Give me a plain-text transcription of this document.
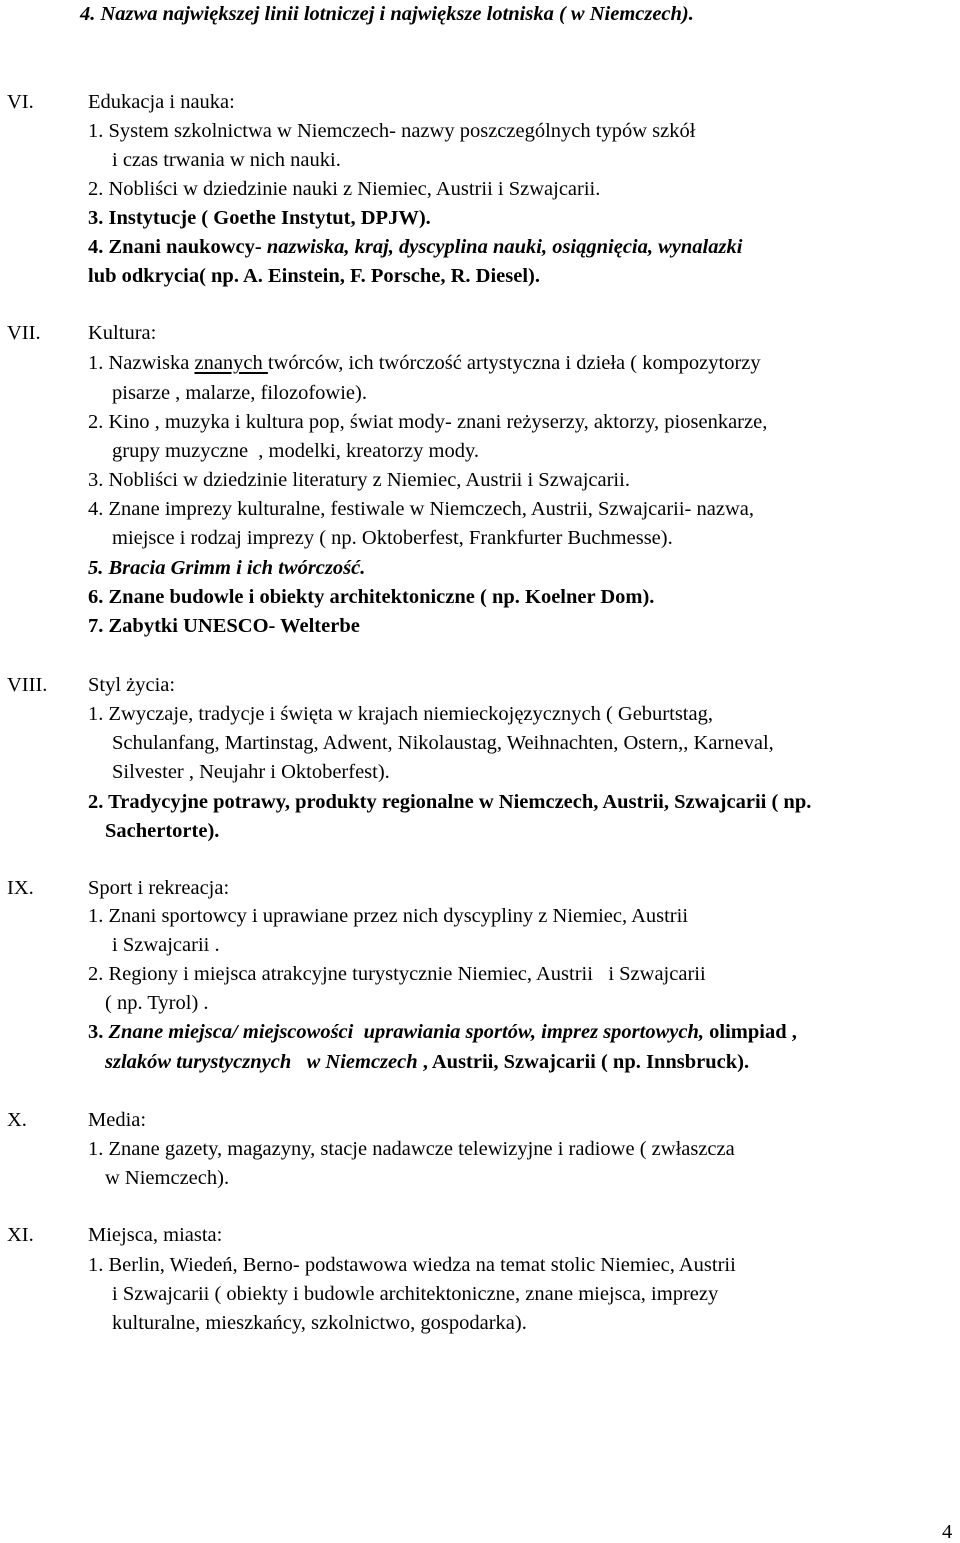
4. Nazwa największej linii lotniczej i największe lotniska ( w Niemczech).
VI.	Edukacja i nauka:
1. System szkolnictwa w Niemczech- nazwy poszczególnych typów szkół
i czas trwania w nich nauki.
2. Nobliści w dziedzinie nauki z Niemiec, Austrii i Szwajcarii.
3. Instytucje ( Goethe Instytut, DPJW).
4. Znani naukowcy- nazwiska, kraj, dyscyplina nauki, osiągnięcia, wynalazki
lub odkrycia( np. A. Einstein, F. Porsche, R. Diesel).
VII. Kultura:
1. Nazwiska znanych twórców, ich twórczość artystyczna i dzieła ( kompozytorzy
pisarze , malarze, filozofowie).
2. Kino , muzyka i kultura pop, świat mody- znani reżyserzy, aktorzy, piosenkarze,
grupy muzyczne  , modelki, kreatorzy mody.
3. Nobliści w dziedzinie literatury z Niemiec, Austrii i Szwajcarii.
4. Znane imprezy kulturalne, festiwale w Niemczech, Austrii, Szwajcarii- nazwa,
miejsce i rodzaj imprezy ( np. Oktoberfest, Frankfurter Buchmesse).
5. Bracia Grimm i ich twórczość.
6. Znane budowle i obiekty architektoniczne ( np. Koelner Dom).
7. Zabytki UNESCO- Welterbe
VIII. Styl życia:
1. Zwyczaje, tradycje i święta w krajach niemieckojęzycznych ( Geburtstag,
Schulanfang, Martinstag, Adwent, Nikolaustag, Weihnachten, Ostern,, Karneval,
Silvester , Neujahr i Oktoberfest).
2. Tradycyjne potrawy, produkty regionalne w Niemczech, Austrii, Szwajcarii ( np.
Sachertorte).
IX.	Sport i rekreacja:
1. Znani sportowcy i uprawiane przez nich dyscypliny z Niemiec, Austrii
i Szwajcarii .
2. Regiony i miejsca atrakcyjne turystycznie Niemiec, Austrii   i Szwajcarii
( np. Tyrol) .
3. Znane miejsca/ miejscowości  uprawiania sportów, imprez sportowych, olimpiad ,
szlaków turystycznych   w Niemczech , Austrii, Szwajcarii ( np. Innsbruck).
X.	Media:
1. Znane gazety, magazyny, stacje nadawcze telewizyjne i radiowe ( zwłaszcza
w Niemczech).
XI.	Miejsca, miasta:
1. Berlin, Wiedeń, Berno- podstawowa wiedza na temat stolic Niemiec, Austrii
i Szwajcarii ( obiekty i budowle architektoniczne, znane miejsca, imprezy
kulturalne, mieszkańcy, szkolnictwo, gospodarka).
4
